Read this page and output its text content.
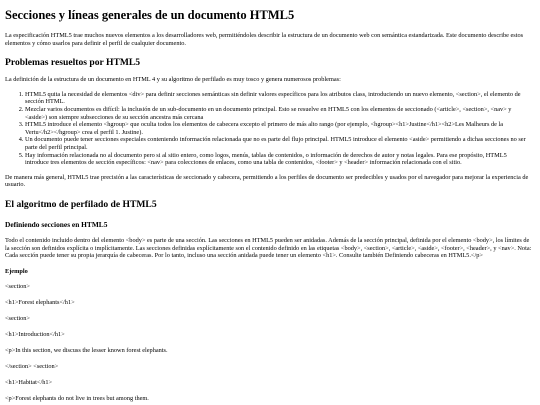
Secciones y líneas generales de un documento HTML5

La especificación HTML5 trae muchos nuevos elementos a los desarrolladores web, permitiéndoles describir la estructura de un documento web con semántica estandarizada. Este documento describe estos elementos y cómo usarlos para definir el perfil de cualquier documento.

Problemas resueltos por HTML5

La definición de la estructura de un documento en HTML 4 y su algoritmo de perfilado es muy tosco y genera numerosos problemas:

1. HTML5 quita la necesidad de elementos <div> para definir secciones semánticas sin definir valores específicos para los atributos class, introduciendo un nuevo elemento, <section>, el elemento de sección HTML.
2. Mezclar varios documentos es difícil: la inclusión de un sub-documento en un documento principal. Esto se resuelve en HTML5 con los elementos de seccionado (<article>, <section>, <nav> y <aside>) son siempre subsecciones de su sección ancestra más cercana
3. HTML5 introduce el elemento <hgroup> que oculta todos los elementos de cabecera excepto el primero de más alto rango (por ejemplo, <hgroup><h1>Justine</h1><h2>Les Malheurs de la Vertu</h2></hgroup> crea el perfil 1. Justine).
4. Un documento puede tener secciones especiales conteniendo información relacionada que no es parte del flujo principal. HTML5 introduce el elemento <aside> permitiendo a dichas secciones no ser parte del perfil principal.
5. Hay información relacionada no al documento pero si al sitio entero, como logos, menús, tablas de contenidos, o información de derechos de autor y notas legales. Para ese propósito, HTML5 introduce tres elementos de sección específicos: <nav> para colecciones de enlaces, como una tabla de contenidos, <footer> y <header> información relacionada con el sitio.

De manera más general, HTML5 trae precisión a las características de seccionado y cabecera, permitiendo a los perfiles de documento ser predecibles y usados por el navegador para mejorar la experiencia de usuario.

El algoritmo de perfilado de HTML5
Definiendo secciones en HTML5

Todo el contenido incluido dentro del elemento <body> es parte de una sección. Las secciones en HTML5 pueden ser anidadas. Además de la sección principal, definida por el elemento <body>, los límites de la sección son definidos explícita o implícitamente. Las secciones definidas explícitamente son el contenido definido en las etiquetas <body>, <section>, <article>, <aside>, <footer>, <header>, y <nav>. Nota: Cada sección puede tener su propia jerarquía de cabeceras. Por lo tanto, incluso una sección anidada puede tener un elemento <h1>. Consulte también Definiendo cabeceras en HTML5.</p>

Ejemplo

<section>

<h1>Forest elephants</h1>

<section>

<h1>Introduction</h1>

<p>In this section, we discuss the lesser known forest elephants.

</section> <section>

<h1>Habitat</h1>

<p>Forest elephants do not live in trees but among them.
